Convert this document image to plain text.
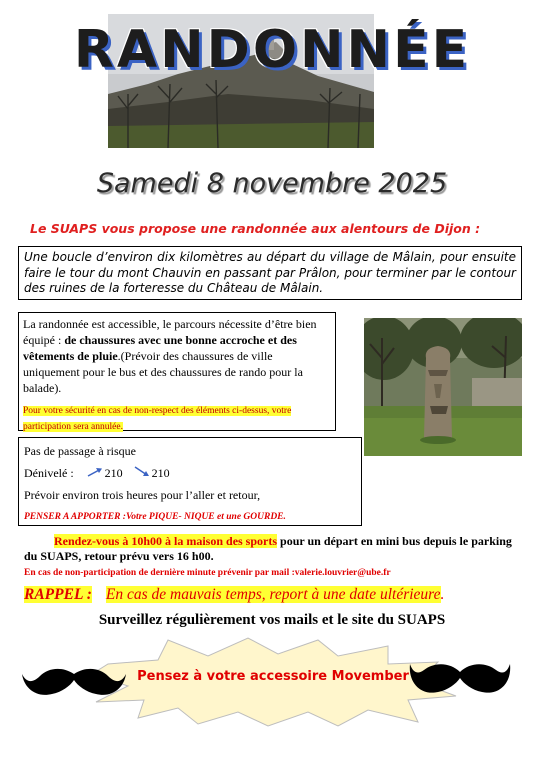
RANDONNÉE
Samedi 8 novembre 2025
Le SUAPS vous propose une randonnée aux alentours de Dijon :
Une boucle d’environ dix kilomètres au départ du village de Mâlain, pour ensuite faire le tour du mont Chauvin en passant par Prâlon, pour terminer par le contour des ruines de la forteresse du Château de Mâlain.
La randonnée est accessible, le parcours nécessite d’être bien équipé : de chaussures avec une bonne accroche et des vêtements de pluie.(Prévoir des chaussures de ville uniquement pour le bus et des chaussures de rando pour la balade).
Pour votre sécurité en cas de non-respect des éléments ci-dessus, votre participation sera annulée.
Pas de passage à risque
Dénivelé :	210 210
Prévoir environ trois heures pour l’aller et retour,
PENSER A APPORTER :Votre PIQUE- NIQUE et une GOURDE.
Rendez-vous à 10h00 à la maison des sports pour un départ en mini bus depuis le parking du SUAPS, retour prévu vers 16 h00.
En cas de non-participation de dernière minute prévenir par mail :valerie.louvrier@ube.fr
RAPPEL : En cas de mauvais temps, report à une date ultérieure.
Surveillez régulièrement vos mails et le site du SUAPS
Pensez à votre accessoire Movember
